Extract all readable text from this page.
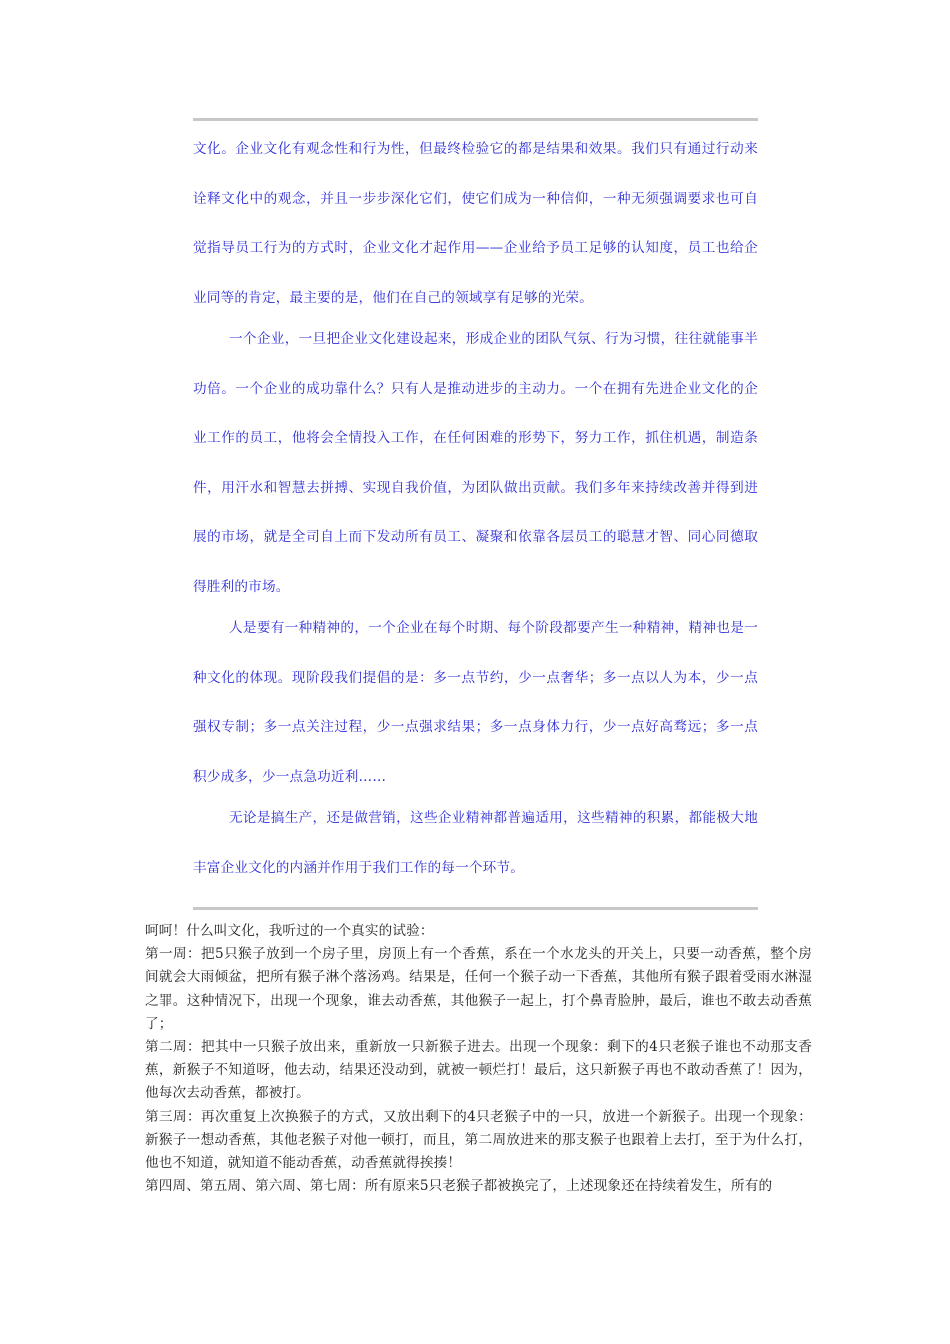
文化。企业文化有观念性和行为性，但最终检验它的都是结果和效果。我们只有通过行动来诠释文化中的观念，并且一步步深化它们，使它们成为一种信仰，一种无须强调要求也可自觉指导员工行为的方式时，企业文化才起作用——企业给予员工足够的认知度，员工也给企业同等的肯定，最主要的是，他们在自己的领域享有足够的光荣。

一个企业，一旦把企业文化建设起来，形成企业的团队气氛、行为习惯，往往就能事半功倍。一个企业的成功靠什么？只有人是推动进步的主动力。一个在拥有先进企业文化的企业工作的员工，他将会全情投入工作，在任何困难的形势下，努力工作，抓住机遇，制造条件，用汗水和智慧去拼搏、实现自我价值，为团队做出贡献。我们多年来持续改善并得到进展的市场，就是全司自上而下发动所有员工、凝聚和依靠各层员工的聪慧才智、同心同德取得胜利的市场。

人是要有一种精神的，一个企业在每个时期、每个阶段都要产生一种精神，精神也是一种文化的体现。现阶段我们提倡的是：多一点节约，少一点奢华；多一点以人为本，少一点强权专制；多一点关注过程，少一点强求结果；多一点身体力行，少一点好高骛远；多一点积少成多，少一点急功近利……

无论是搞生产，还是做营销，这些企业精神都普遍适用，这些精神的积累，都能极大地丰富企业文化的内涵并作用于我们工作的每一个环节。

呵呵！什么叫文化，我听过的一个真实的试验：

第一周：把5只猴子放到一个房子里，房顶上有一个香蕉，系在一个水龙头的开关上，只要一动香蕉，整个房间就会大雨倾盆，把所有猴子淋个落汤鸡。结果是，任何一个猴子动一下香蕉，其他所有猴子跟着受雨水淋湿之罪。这种情况下，出现一个现象，谁去动香蕉，其他猴子一起上，打个鼻青脸肿，最后，谁也不敢去动香蕉了；

第二周：把其中一只猴子放出来，重新放一只新猴子进去。出现一个现象：剩下的4只老猴子谁也不动那支香蕉，新猴子不知道呀，他去动，结果还没动到，就被一顿烂打！最后，这只新猴子再也不敢动香蕉了！因为，他每次去动香蕉，都被打。

第三周：再次重复上次换猴子的方式，又放出剩下的4只老猴子中的一只，放进一个新猴子。出现一个现象：新猴子一想动香蕉，其他老猴子对他一顿打，而且，第二周放进来的那支猴子也跟着上去打，至于为什么打，他也不知道，就知道不能动香蕉，动香蕉就得挨揍！

第四周、第五周、第六周、第七周：所有原来5只老猴子都被换完了，上述现象还在持续着发生，所有的
